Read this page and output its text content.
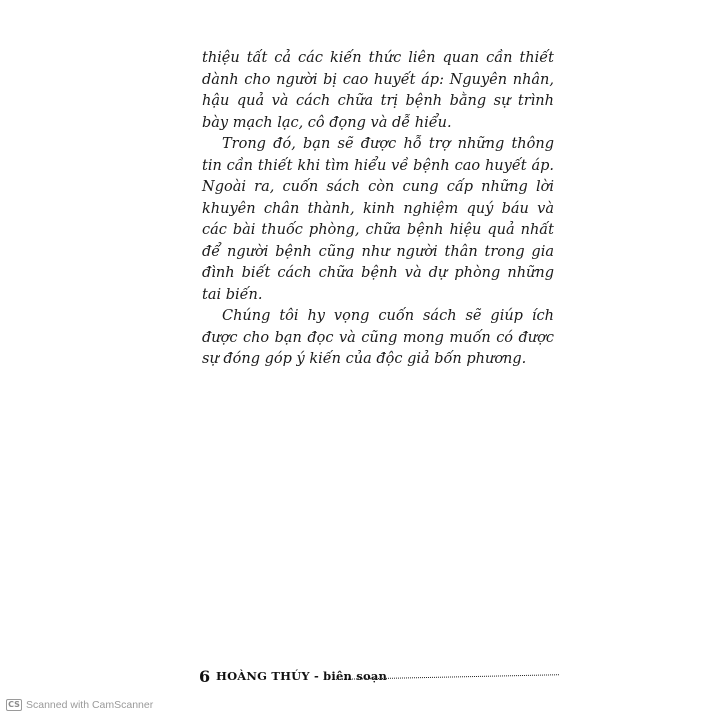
thiệu tất cả các kiến thức liên quan cần thiết dành cho người bị cao huyết áp: Nguyên nhân, hậu quả và cách chữa trị bệnh bằng sự trình bày mạch lạc, cô đọng và dễ hiểu.

Trong đó, bạn sẽ được hỗ trợ những thông tin cần thiết khi tìm hiểu về bệnh cao huyết áp. Ngoài ra, cuốn sách còn cung cấp những lời khuyên chân thành, kinh nghiệm quý báu và các bài thuốc phòng, chữa bệnh hiệu quả nhất để người bệnh cũng như người thân trong gia đình biết cách chữa bệnh và dự phòng những tai biến.

Chúng tôi hy vọng cuốn sách sẽ giúp ích được cho bạn đọc và cũng mong muốn có được sự đóng góp ý kiến của độc giả bốn phương.

6 HOÀNG THÚY - biên soạn
CS Scanned with CamScanner
